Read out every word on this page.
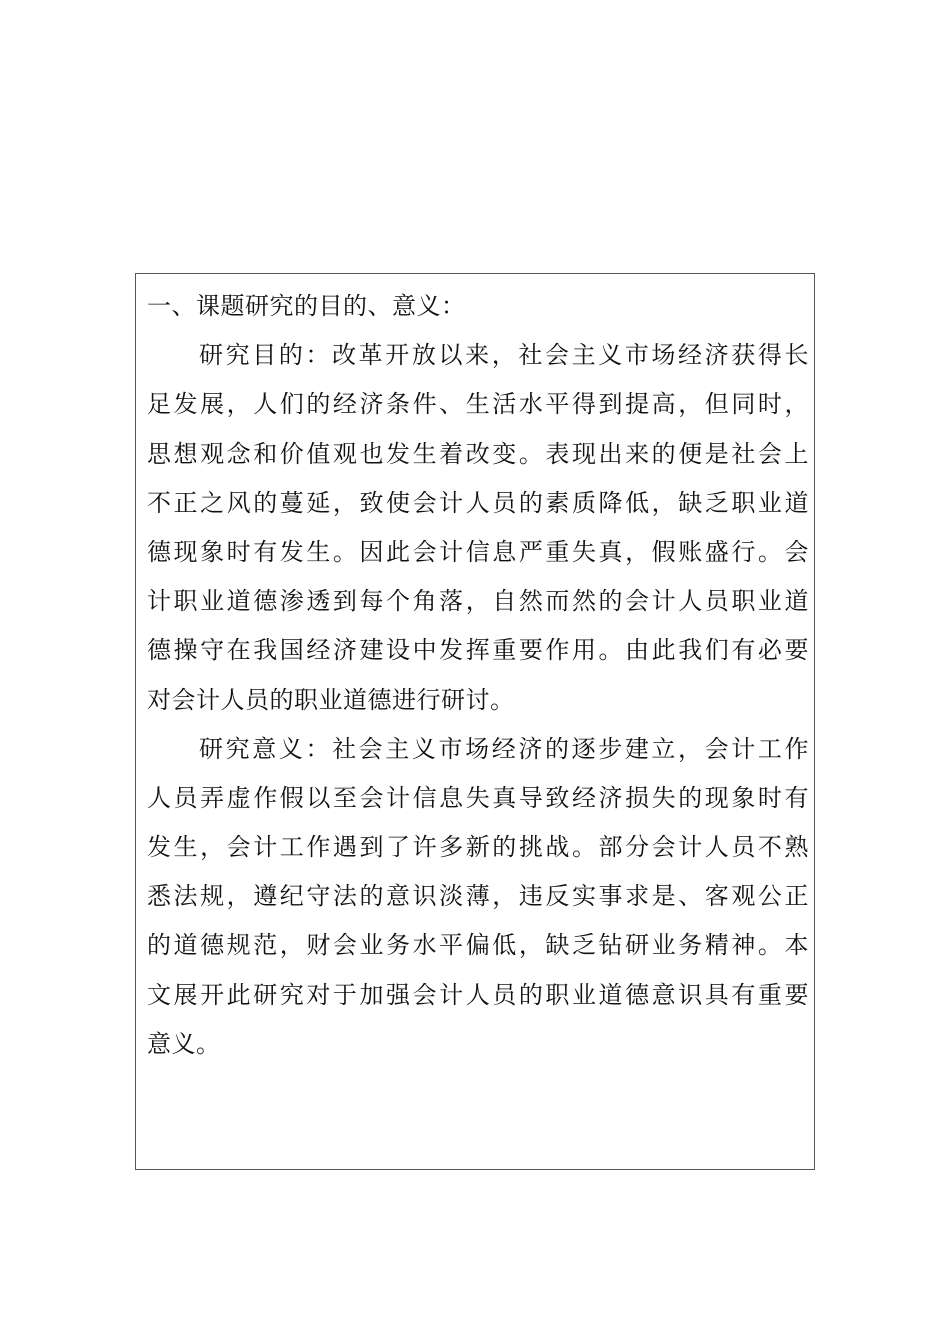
一、课题研究的目的、意义：
研究目的：改革开放以来，社会主义市场经济获得长
足发展，人们的经济条件、生活水平得到提高，但同时，
思想观念和价值观也发生着改变。表现出来的便是社会上
不正之风的蔓延，致使会计人员的素质降低，缺乏职业道
德现象时有发生。因此会计信息严重失真，假账盛行。会
计职业道德渗透到每个角落，自然而然的会计人员职业道
德操守在我国经济建设中发挥重要作用。由此我们有必要
对会计人员的职业道德进行研讨。
研究意义：社会主义市场经济的逐步建立，会计工作
人员弄虚作假以至会计信息失真导致经济损失的现象时有
发生，会计工作遇到了许多新的挑战。部分会计人员不熟
悉法规，遵纪守法的意识淡薄，违反实事求是、客观公正
的道德规范，财会业务水平偏低，缺乏钻研业务精神。本
文展开此研究对于加强会计人员的职业道德意识具有重要
意义。
